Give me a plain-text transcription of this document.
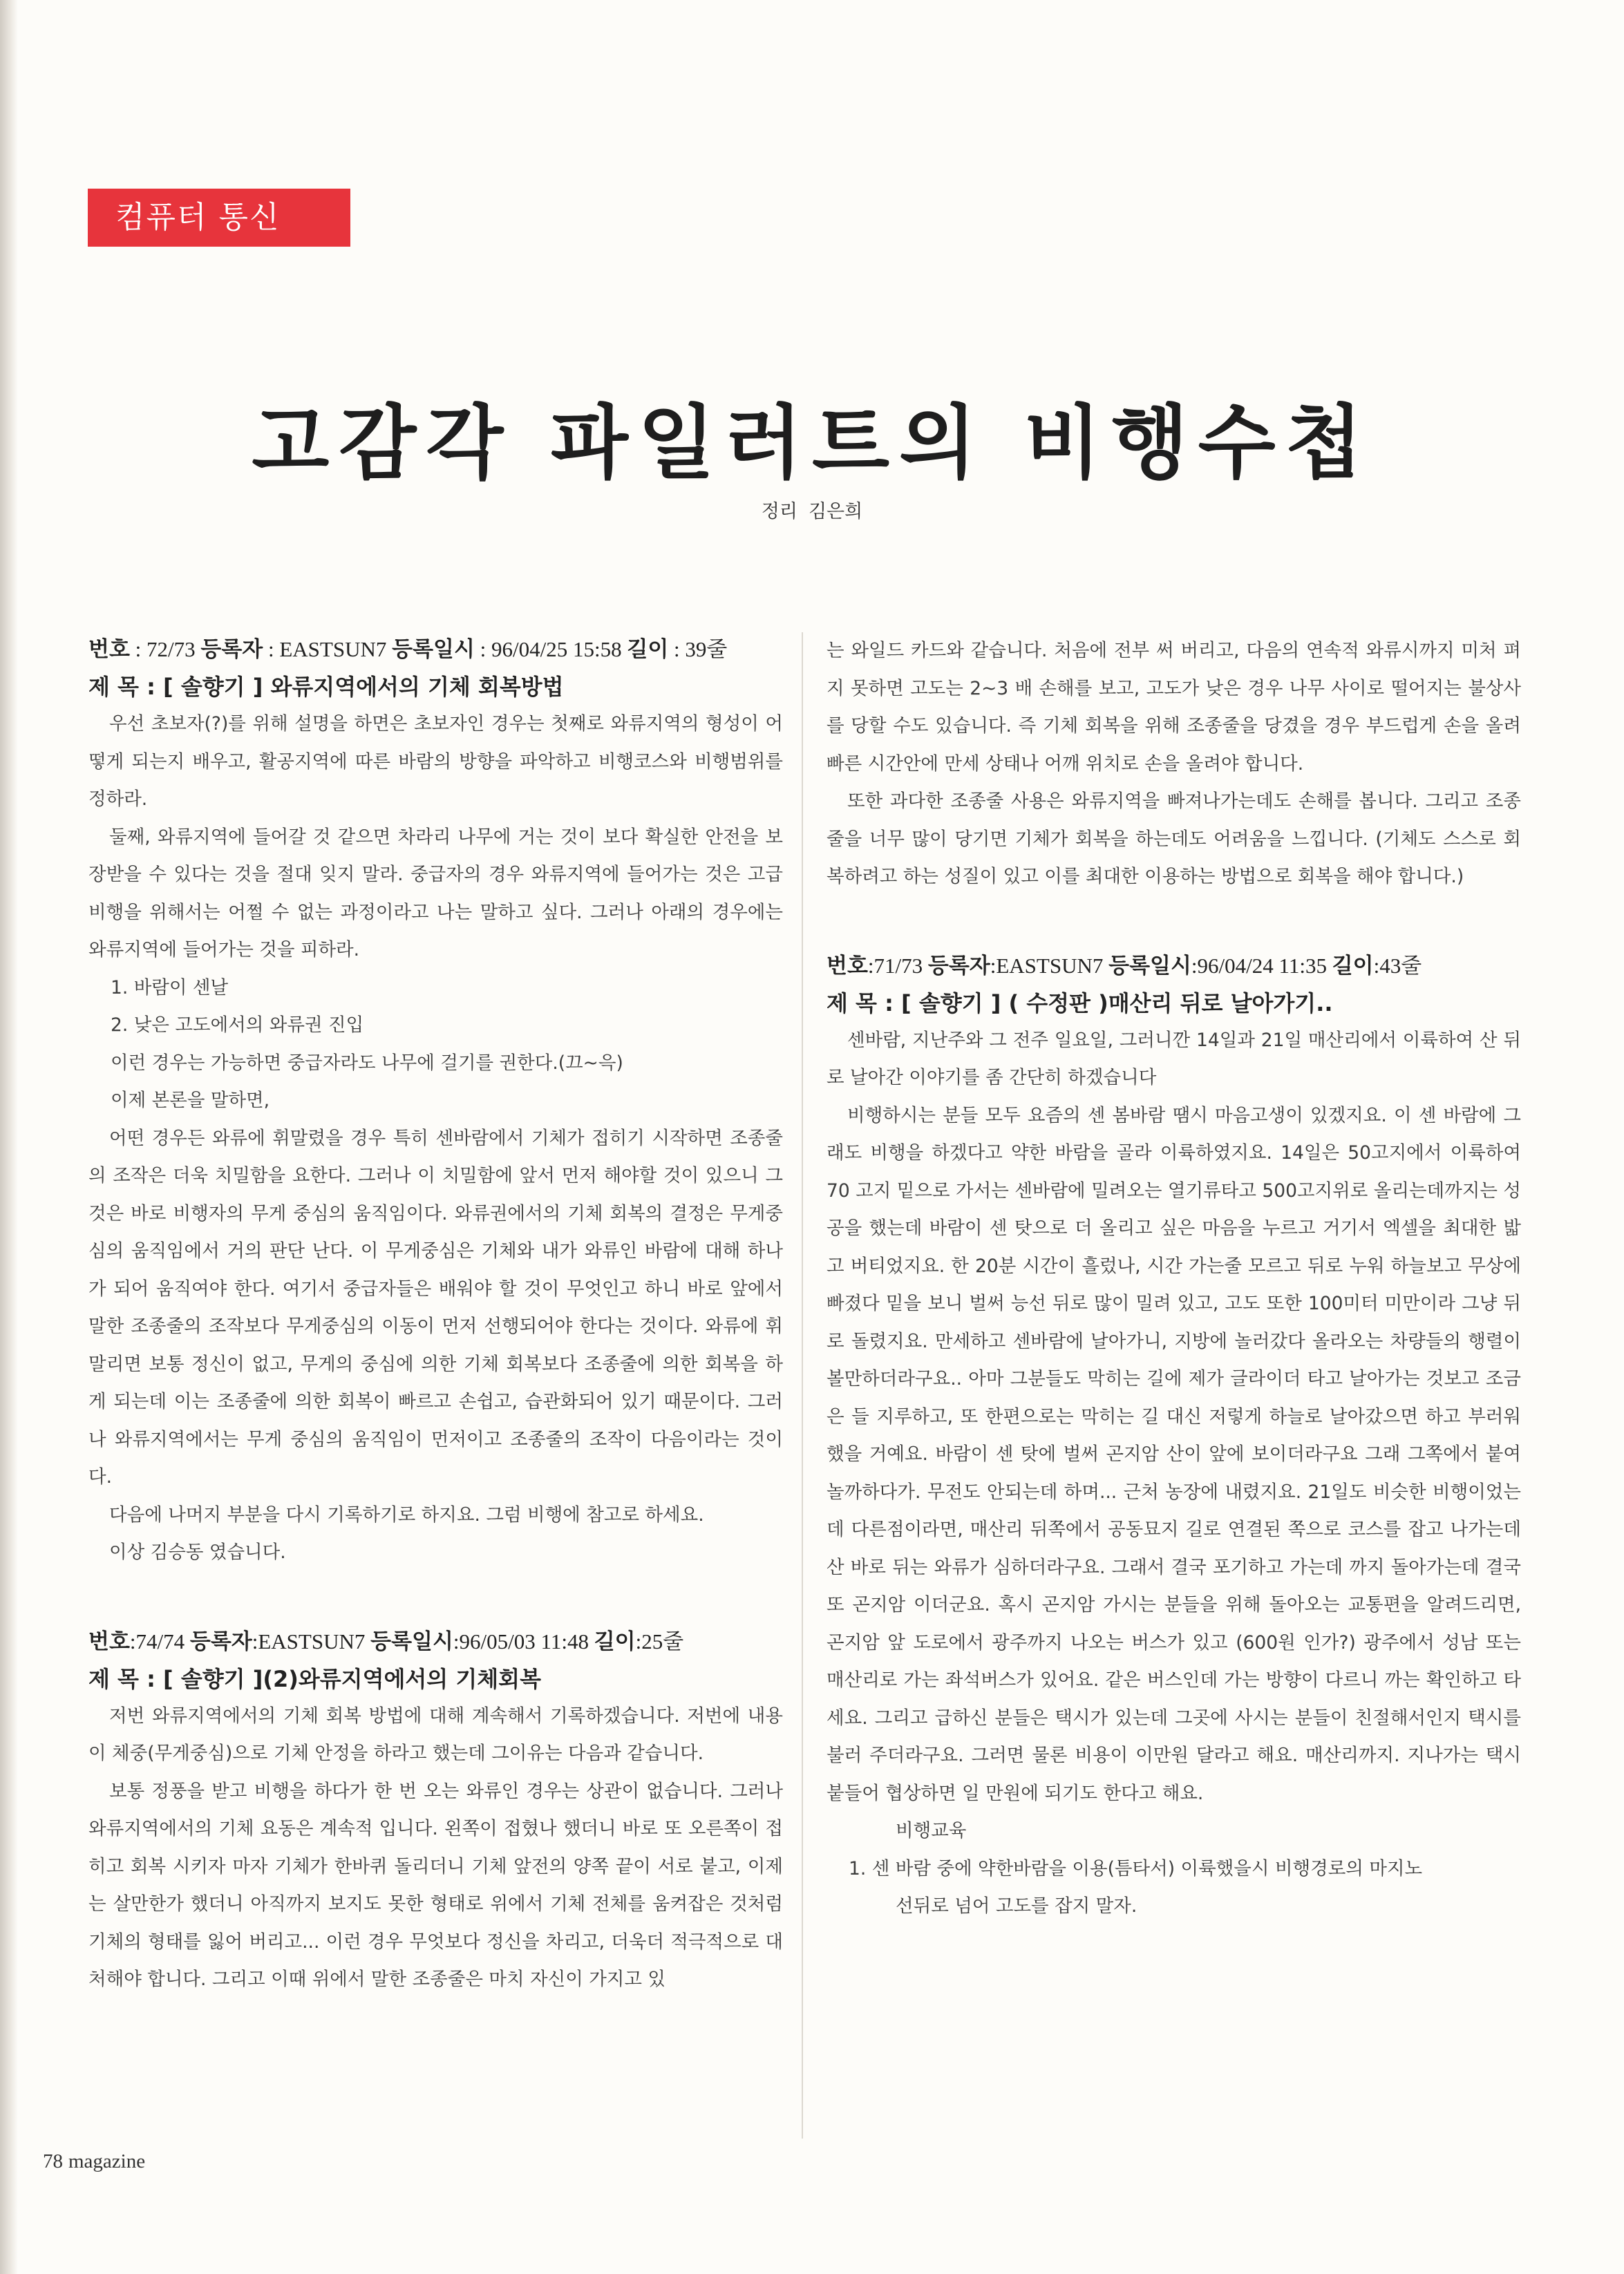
컴퓨터 통신
고감각 파일러트의 비행수첩
정리 김은희
번호 : 72/73 등록자 : EASTSUN7 등록일시 : 96/04/25 15:58 길이 : 39줄
제 목 : [ 솔향기 ] 와류지역에서의 기체 회복방법

우선 초보자(?)를 위해 설명을 하면은 초보자인 경우는 첫째로 와류지역의 형성이 어떻게 되는지 배우고, 활공지역에 따른 바람의 방향을 파악하고 비행코스와 비행범위를 정하라.

둘째, 와류지역에 들어갈 것 같으면 차라리 나무에 거는 것이 보다 확실한 안전을 보장받을 수 있다는 것을 절대 잊지 말라. 중급자의 경우 와류지역에 들어가는 것은 고급비행을 위해서는 어쩔 수 없는 과정이라고 나는 말하고 싶다. 그러나 아래의 경우에는 와류지역에 들어가는 것을 피하라.

1. 바람이 센날

2. 낮은 고도에서의 와류권 진입

이런 경우는 가능하면 중급자라도 나무에 걸기를 권한다.(끄~윽)

이제 본론을 말하면,

어떤 경우든 와류에 휘말렸을 경우 특히 센바람에서 기체가 접히기 시작하면 조종줄의 조작은 더욱 치밀함을 요한다. 그러나 이 치밀함에 앞서 먼저 해야할 것이 있으니 그것은 바로 비행자의 무게 중심의 움직임이다. 와류권에서의 기체 회복의 결정은 무게중심의 움직임에서 거의 판단 난다. 이 무게중심은 기체와 내가 와류인 바람에 대해 하나가 되어 움직여야 한다. 여기서 중급자들은 배워야 할 것이 무엇인고 하니 바로 앞에서 말한 조종줄의 조작보다 무게중심의 이동이 먼저 선행되어야 한다는 것이다. 와류에 휘말리면 보통 정신이 없고, 무게의 중심에 의한 기체 회복보다 조종줄에 의한 회복을 하게 되는데 이는 조종줄에 의한 회복이 빠르고 손쉽고, 습관화되어 있기 때문이다. 그러나 와류지역에서는 무게 중심의 움직임이 먼저이고 조종줄의 조작이 다음이라는 것이다.

다음에 나머지 부분을 다시 기록하기로 하지요. 그럼 비행에 참고로 하세요.

이상 김승동 였습니다.

번호:74/74 등록자:EASTSUN7 등록일시:96/05/03 11:48 길이:25줄
제 목 : [ 솔향기 ](2)와류지역에서의 기체회복

저번 와류지역에서의 기체 회복 방법에 대해 계속해서 기록하겠습니다. 저번에 내용이 체중(무게중심)으로 기체 안정을 하라고 했는데 그이유는 다음과 같습니다.

보통 정풍을 받고 비행을 하다가 한 번 오는 와류인 경우는 상관이 없습니다. 그러나 와류지역에서의 기체 요동은 계속적 입니다. 왼쪽이 접혔나 했더니 바로 또 오른쪽이 접히고 회복 시키자 마자 기체가 한바퀴 돌리더니 기체 앞전의 양쪽 끝이 서로 붙고, 이제는 살만한가 했더니 아직까지 보지도 못한 형태로 위에서 기체 전체를 움켜잡은 것처럼 기체의 형태를 잃어 버리고... 이런 경우 무엇보다 정신을 차리고, 더욱더 적극적으로 대처해야 합니다. 그리고 이때 위에서 말한 조종줄은 마치 자신이 가지고 있

는 와일드 카드와 같습니다. 처음에 전부 써 버리고, 다음의 연속적 와류시까지 미처 펴지 못하면 고도는 2~3 배 손해를 보고, 고도가 낮은 경우 나무 사이로 떨어지는 불상사를 당할 수도 있습니다. 즉 기체 회복을 위해 조종줄을 당겼을 경우 부드럽게 손을 올려 빠른 시간안에 만세 상태나 어깨 위치로 손을 올려야 합니다.

또한 과다한 조종줄 사용은 와류지역을 빠져나가는데도 손해를 봅니다. 그리고 조종줄을 너무 많이 당기면 기체가 회복을 하는데도 어려움을 느낍니다. (기체도 스스로 회복하려고 하는 성질이 있고 이를 최대한 이용하는 방법으로 회복을 해야 합니다.)

번호:71/73 등록자:EASTSUN7 등록일시:96/04/24 11:35 길이:43줄
제 목 : [ 솔향기 ] ( 수정판 )매산리 뒤로 날아가기..

센바람, 지난주와 그 전주 일요일, 그러니깐 14일과 21일 매산리에서 이륙하여 산 뒤로 날아간 이야기를 좀 간단히 하겠습니다

비행하시는 분들 모두 요즘의 센 봄바람 땜시 마음고생이 있겠지요. 이 센 바람에 그래도 비행을 하겠다고 약한 바람을 골라 이륙하였지요. 14일은 50고지에서 이륙하여 70 고지 밑으로 가서는 센바람에 밀려오는 열기류타고 500고지위로 올리는데까지는 성공을 했는데 바람이 센 탓으로 더 올리고 싶은 마음을 누르고 거기서 엑셀을 최대한 밟고 버티었지요. 한 20분 시간이 흘렀나, 시간 가는줄 모르고 뒤로 누워 하늘보고 무상에 빠졌다 밑을 보니 벌써 능선 뒤로 많이 밀려 있고, 고도 또한 100미터 미만이라 그냥 뒤로 돌렸지요. 만세하고 센바람에 날아가니, 지방에 놀러갔다 올라오는 차량들의 행렬이 볼만하더라구요.. 아마 그분들도 막히는 길에 제가 글라이더 타고 날아가는 것보고 조금은 들 지루하고, 또 한편으로는 막히는 길 대신 저렇게 하늘로 날아갔으면 하고 부러워 했을 거예요. 바람이 센 탓에 벌써 곤지암 산이 앞에 보이더라구요 그래 그쪽에서 붙여 놀까하다가. 무전도 안되는데 하며... 근처 농장에 내렸지요. 21일도 비슷한 비행이었는데 다른점이라면, 매산리 뒤쪽에서 공동묘지 길로 연결된 쪽으로 코스를 잡고 나가는데 산 바로 뒤는 와류가 심하더라구요. 그래서 결국 포기하고 가는데 까지 돌아가는데 결국 또 곤지암 이더군요. 혹시 곤지암 가시는 분들을 위해 돌아오는 교통편을 알려드리면, 곤지암 앞 도로에서 광주까지 나오는 버스가 있고 (600원 인가?) 광주에서 성남 또는 매산리로 가는 좌석버스가 있어요. 같은 버스인데 가는 방향이 다르니 까는 확인하고 타세요. 그리고 급하신 분들은 택시가 있는데 그곳에 사시는 분들이 친절해서인지 택시를 불러 주더라구요. 그러면 물론 비용이 이만원 달라고 해요. 매산리까지. 지나가는 택시 붙들어 협상하면 일 만원에 되기도 한다고 해요.

비행교육

1. 센 바람 중에 약한바람을 이용(틈타서) 이륙했을시 비행경로의 마지노

선뒤로 넘어 고도를 잡지 말자.

78 magazine
